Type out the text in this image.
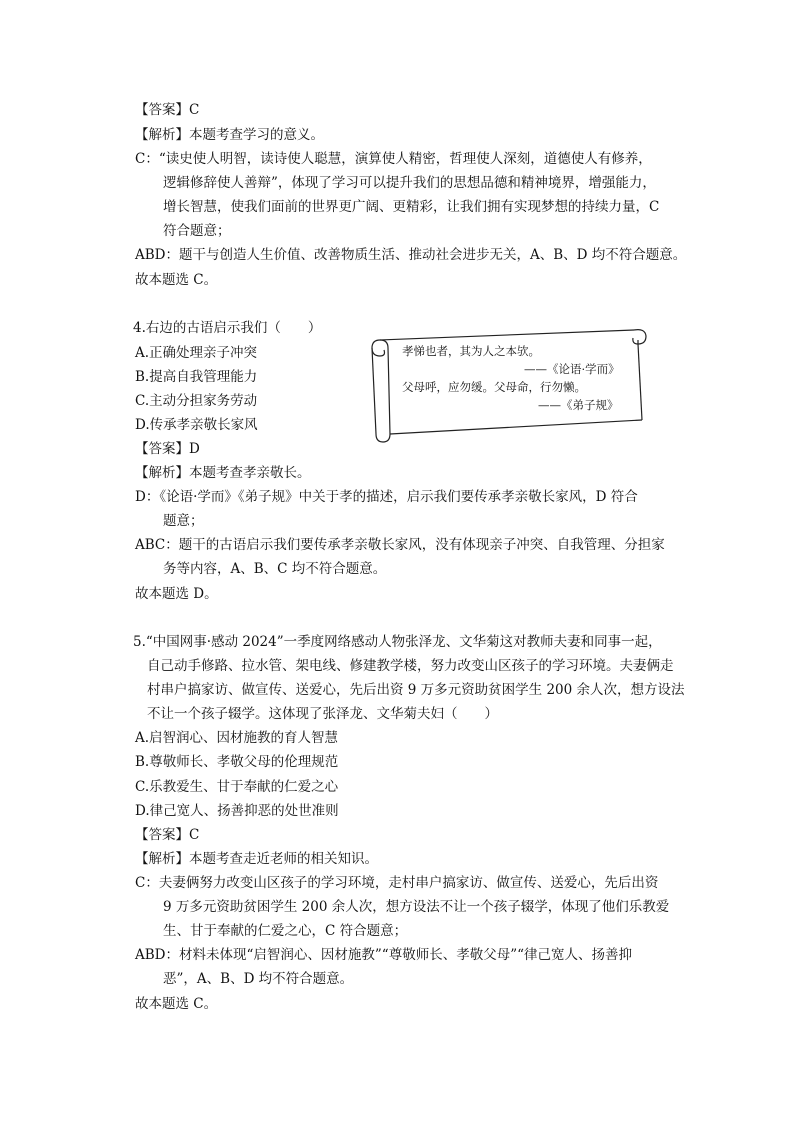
【答案】C
【解析】本题考查学习的意义。
C：“读史使人明智，读诗使人聪慧，演算使人精密，哲理使人深刻，道德使人有修养，
逻辑修辞使人善辩”，体现了学习可以提升我们的思想品德和精神境界，增强能力，
增长智慧，使我们面前的世界更广阔、更精彩，让我们拥有实现梦想的持续力量，C
符合题意；
ABD：题干与创造人生价值、改善物质生活、推动社会进步无关，A、B、D 均不符合题意。
故本题选 C。
4.右边的古语启示我们（　　）
A.正确处理亲子冲突
B.提高自我管理能力
C.主动分担家务劳动
D.传承孝亲敬长家风
孝悌也者，其为人之本欤。
——《论语·学而》
父母呼，应勿缓。父母命，行勿懒。
——《弟子规》
【答案】D
【解析】本题考查孝亲敬长。
D：《论语·学而》《弟子规》中关于孝的描述，启示我们要传承孝亲敬长家风，D 符合
题意；
ABC：题干的古语启示我们要传承孝亲敬长家风，没有体现亲子冲突、自我管理、分担家
务等内容，A、B、C 均不符合题意。
故本题选 D。
5.“中国网事·感动 2024”一季度网络感动人物张泽龙、文华菊这对教师夫妻和同事一起，
自己动手修路、拉水管、架电线、修建教学楼，努力改变山区孩子的学习环境。夫妻俩走
村串户搞家访、做宣传、送爱心，先后出资 9 万多元资助贫困学生 200 余人次，想方设法
不让一个孩子辍学。这体现了张泽龙、文华菊夫妇（　　）
A.启智润心、因材施教的育人智慧
B.尊敬师长、孝敬父母的伦理规范
C.乐教爱生、甘于奉献的仁爱之心
D.律己宽人、扬善抑恶的处世准则
【答案】C
【解析】本题考查走近老师的相关知识。
C：夫妻俩努力改变山区孩子的学习环境，走村串户搞家访、做宣传、送爱心，先后出资
9 万多元资助贫困学生 200 余人次，想方设法不让一个孩子辍学，体现了他们乐教爱
生、甘于奉献的仁爱之心，C 符合题意；
ABD：材料未体现“启智润心、因材施教”“尊敬师长、孝敬父母”“律己宽人、扬善抑
恶”，A、B、D 均不符合题意。
故本题选 C。
